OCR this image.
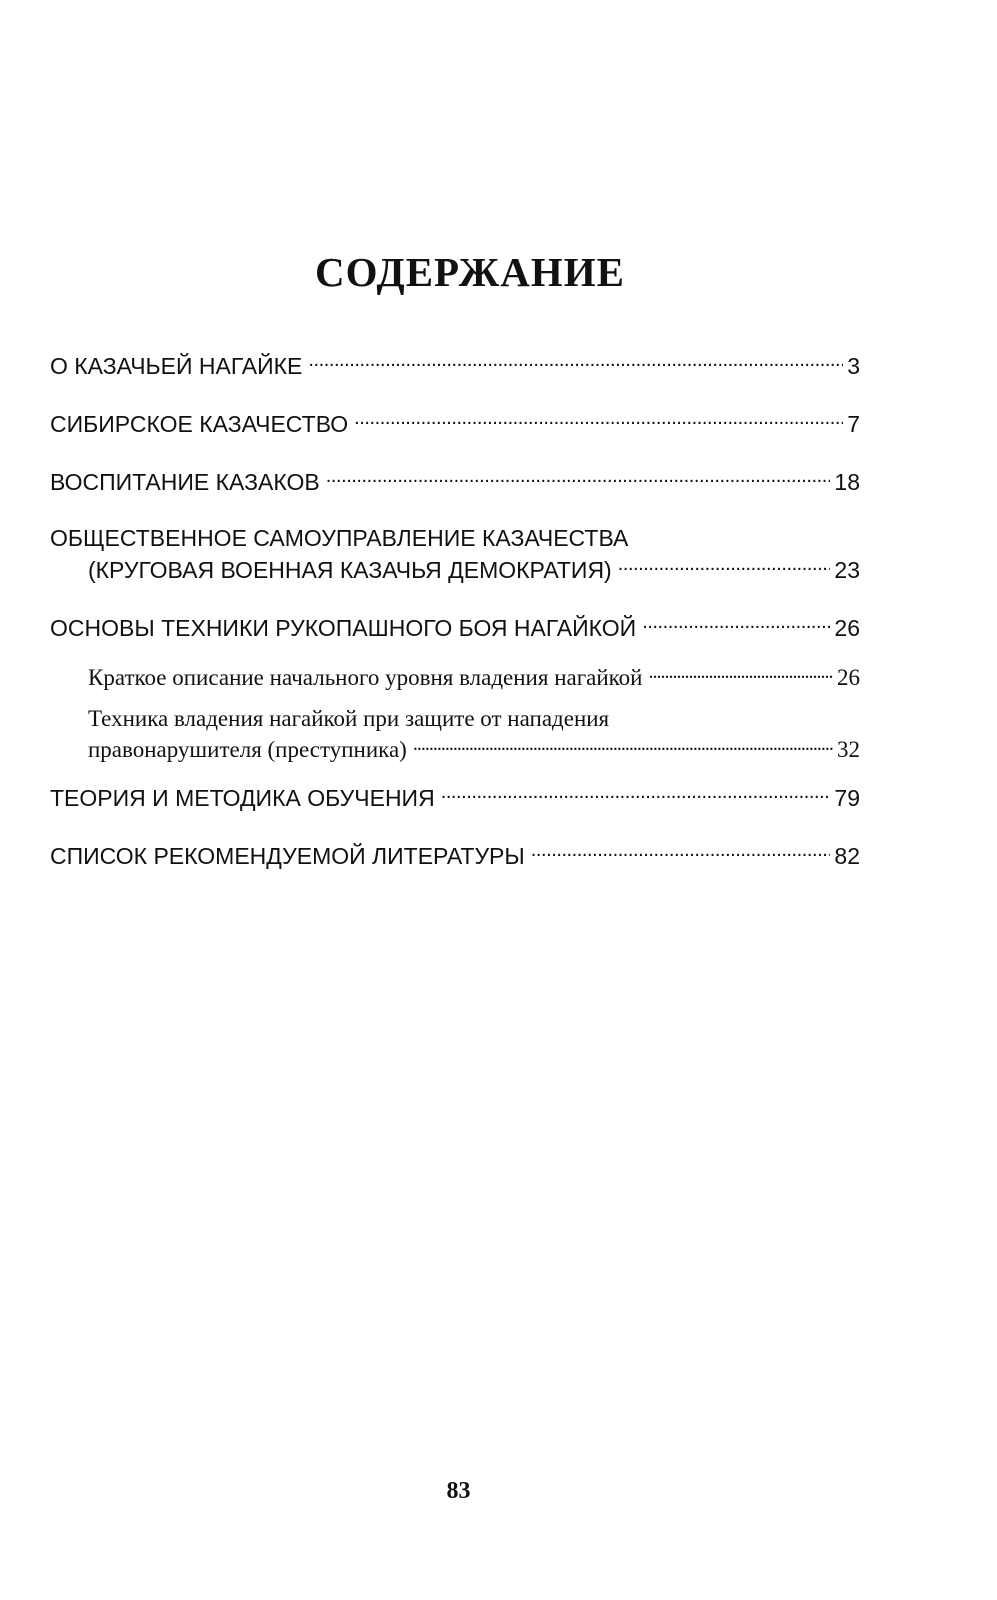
СОДЕРЖАНИЕ
О КАЗАЧЬЕЙ НАГАЙКЕ . . .	3
СИБИРСКОЕ КАЗАЧЕСТВО . . .	7
ВОСПИТАНИЕ КАЗАКОВ . . .	18
ОБЩЕСТВЕННОЕ САМОУПРАВЛЕНИЕ КАЗАЧЕСТВА
(КРУГОВАЯ ВОЕННАЯ КАЗАЧЬЯ ДЕМОКРАТИЯ) . . .	23
ОСНОВЫ ТЕХНИКИ РУКОПАШНОГО БОЯ НАГАЙКОЙ . . .	26
Краткое описание начального уровня владения нагайкой . . .	26
Техника владения нагайкой при защите от нападения
правонарушителя (преступника) . . .	32
ТЕОРИЯ И МЕТОДИКА ОБУЧЕНИЯ . . .	79
СПИСОК РЕКОМЕНДУЕМОЙ ЛИТЕРАТУРЫ . . .	82
83
